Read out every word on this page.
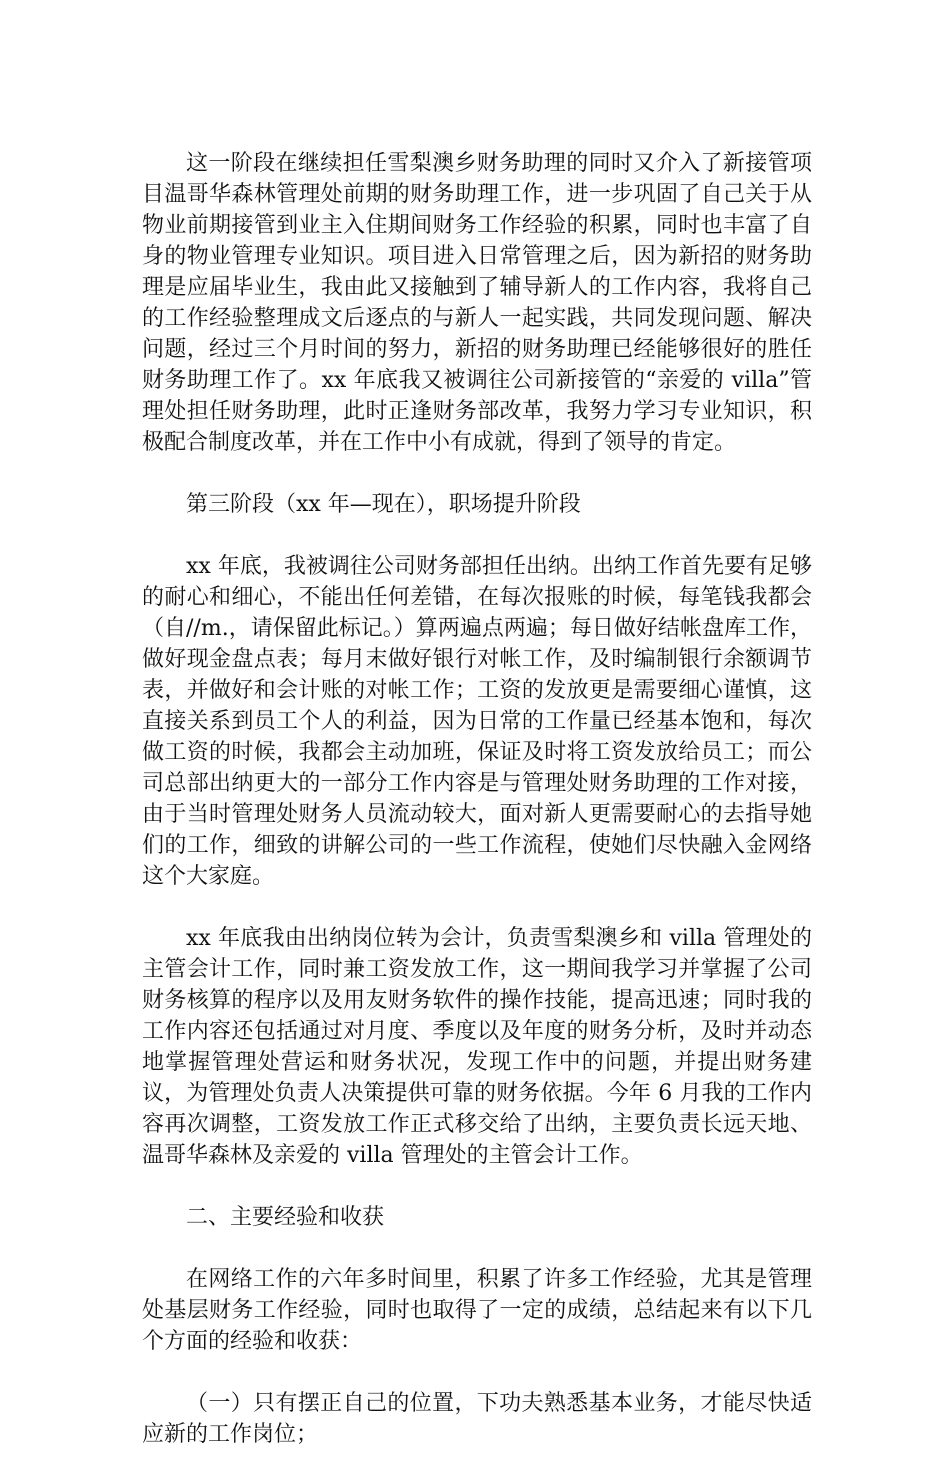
这一阶段在继续担任雪梨澳乡财务助理的同时又介入了新接管项目温哥华森林管理处前期的财务助理工作，进一步巩固了自己关于从物业前期接管到业主入住期间财务工作经验的积累，同时也丰富了自身的物业管理专业知识。项目进入日常管理之后，因为新招的财务助理是应届毕业生，我由此又接触到了辅导新人的工作内容，我将自己的工作经验整理成文后逐点的与新人一起实践，共同发现问题、解决问题，经过三个月时间的努力，新招的财务助理已经能够很好的胜任财务助理工作了。xx 年底我又被调往公司新接管的“亲爱的 villa”管理处担任财务助理，此时正逢财务部改革，我努力学习专业知识，积极配合制度改革，并在工作中小有成就，得到了领导的肯定。

第三阶段（xx 年—现在），职场提升阶段

xx 年底，我被调往公司财务部担任出纳。出纳工作首先要有足够的耐心和细心，不能出任何差错，在每次报账的时候，每笔钱我都会（自//m.，请保留此标记。）算两遍点两遍；每日做好结帐盘库工作，做好现金盘点表；每月末做好银行对帐工作，及时编制银行余额调节表，并做好和会计账的对帐工作；工资的发放更是需要细心谨慎，这直接关系到员工个人的利益，因为日常的工作量已经基本饱和，每次做工资的时候，我都会主动加班，保证及时将工资发放给员工；而公司总部出纳更大的一部分工作内容是与管理处财务助理的工作对接，由于当时管理处财务人员流动较大，面对新人更需要耐心的去指导她们的工作，细致的讲解公司的一些工作流程，使她们尽快融入金网络这个大家庭。

xx 年底我由出纳岗位转为会计，负责雪梨澳乡和 villa 管理处的主管会计工作，同时兼工资发放工作，这一期间我学习并掌握了公司财务核算的程序以及用友财务软件的操作技能，提高迅速；同时我的工作内容还包括通过对月度、季度以及年度的财务分析，及时并动态地掌握管理处营运和财务状况，发现工作中的问题，并提出财务建议，为管理处负责人决策提供可靠的财务依据。今年 6 月我的工作内容再次调整，工资发放工作正式移交给了出纳，主要负责长远天地、温哥华森林及亲爱的 villa 管理处的主管会计工作。

二、主要经验和收获

在网络工作的六年多时间里，积累了许多工作经验，尤其是管理处基层财务工作经验，同时也取得了一定的成绩，总结起来有以下几个方面的经验和收获：

（一）只有摆正自己的位置，下功夫熟悉基本业务，才能尽快适应新的工作岗位；
